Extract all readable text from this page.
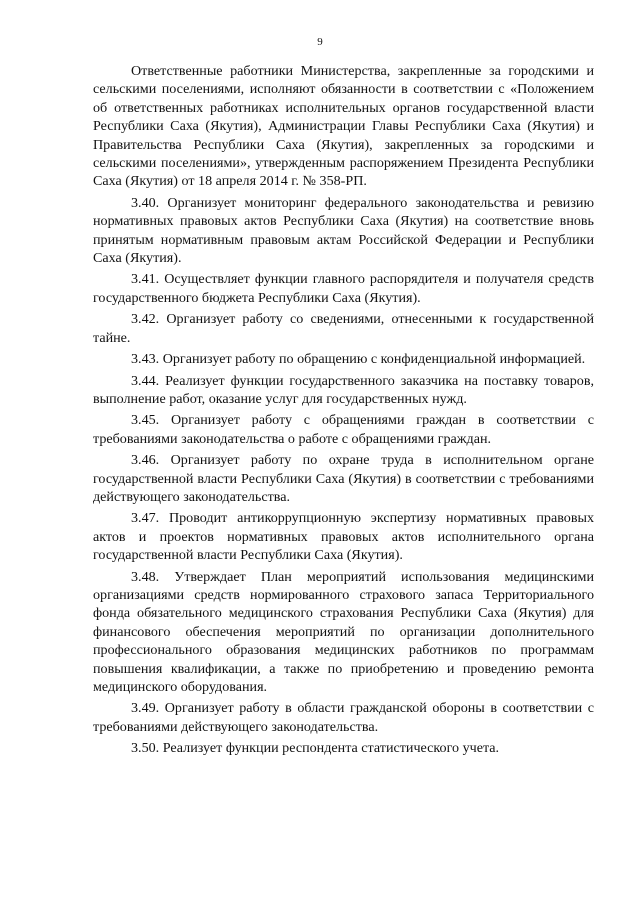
9

Ответственные работники Министерства, закрепленные за городскими и сельскими поселениями, исполняют обязанности в соответствии с «Положением об ответственных работниках исполнительных органов государственной власти Республики Саха (Якутия), Администрации Главы Республики Саха (Якутия) и Правительства Республики Саха (Якутия), закрепленных за городскими и сельскими поселениями», утвержденным распоряжением Президента Республики Саха (Якутия) от 18 апреля 2014 г. № 358-РП.

3.40. Организует мониторинг федерального законодательства и ревизию нормативных правовых актов Республики Саха (Якутия) на соответствие вновь принятым нормативным правовым актам Российской Федерации и Республики Саха (Якутия).

3.41. Осуществляет функции главного распорядителя и получателя средств государственного бюджета Республики Саха (Якутия).

3.42. Организует работу со сведениями, отнесенными к государственной тайне.

3.43. Организует работу по обращению с конфиденциальной информацией.

3.44. Реализует функции государственного заказчика на поставку товаров, выполнение работ, оказание услуг для государственных нужд.

3.45. Организует работу с обращениями граждан в соответствии с требованиями законодательства о работе с обращениями граждан.

3.46. Организует работу по охране труда в исполнительном органе государственной власти Республики Саха (Якутия) в соответствии с требованиями действующего законодательства.

3.47. Проводит антикоррупционную экспертизу нормативных правовых актов и проектов нормативных правовых актов исполнительного органа государственной власти Республики Саха (Якутия).

3.48. Утверждает План мероприятий использования медицинскими организациями средств нормированного страхового запаса Территориального фонда обязательного медицинского страхования Республики Саха (Якутия) для финансового обеспечения мероприятий по организации дополнительного профессионального образования медицинских работников по программам повышения квалификации, а также по приобретению и проведению ремонта медицинского оборудования.

3.49. Организует работу в области гражданской обороны в соответствии с требованиями действующего законодательства.

3.50. Реализует функции респондента статистического учета.
